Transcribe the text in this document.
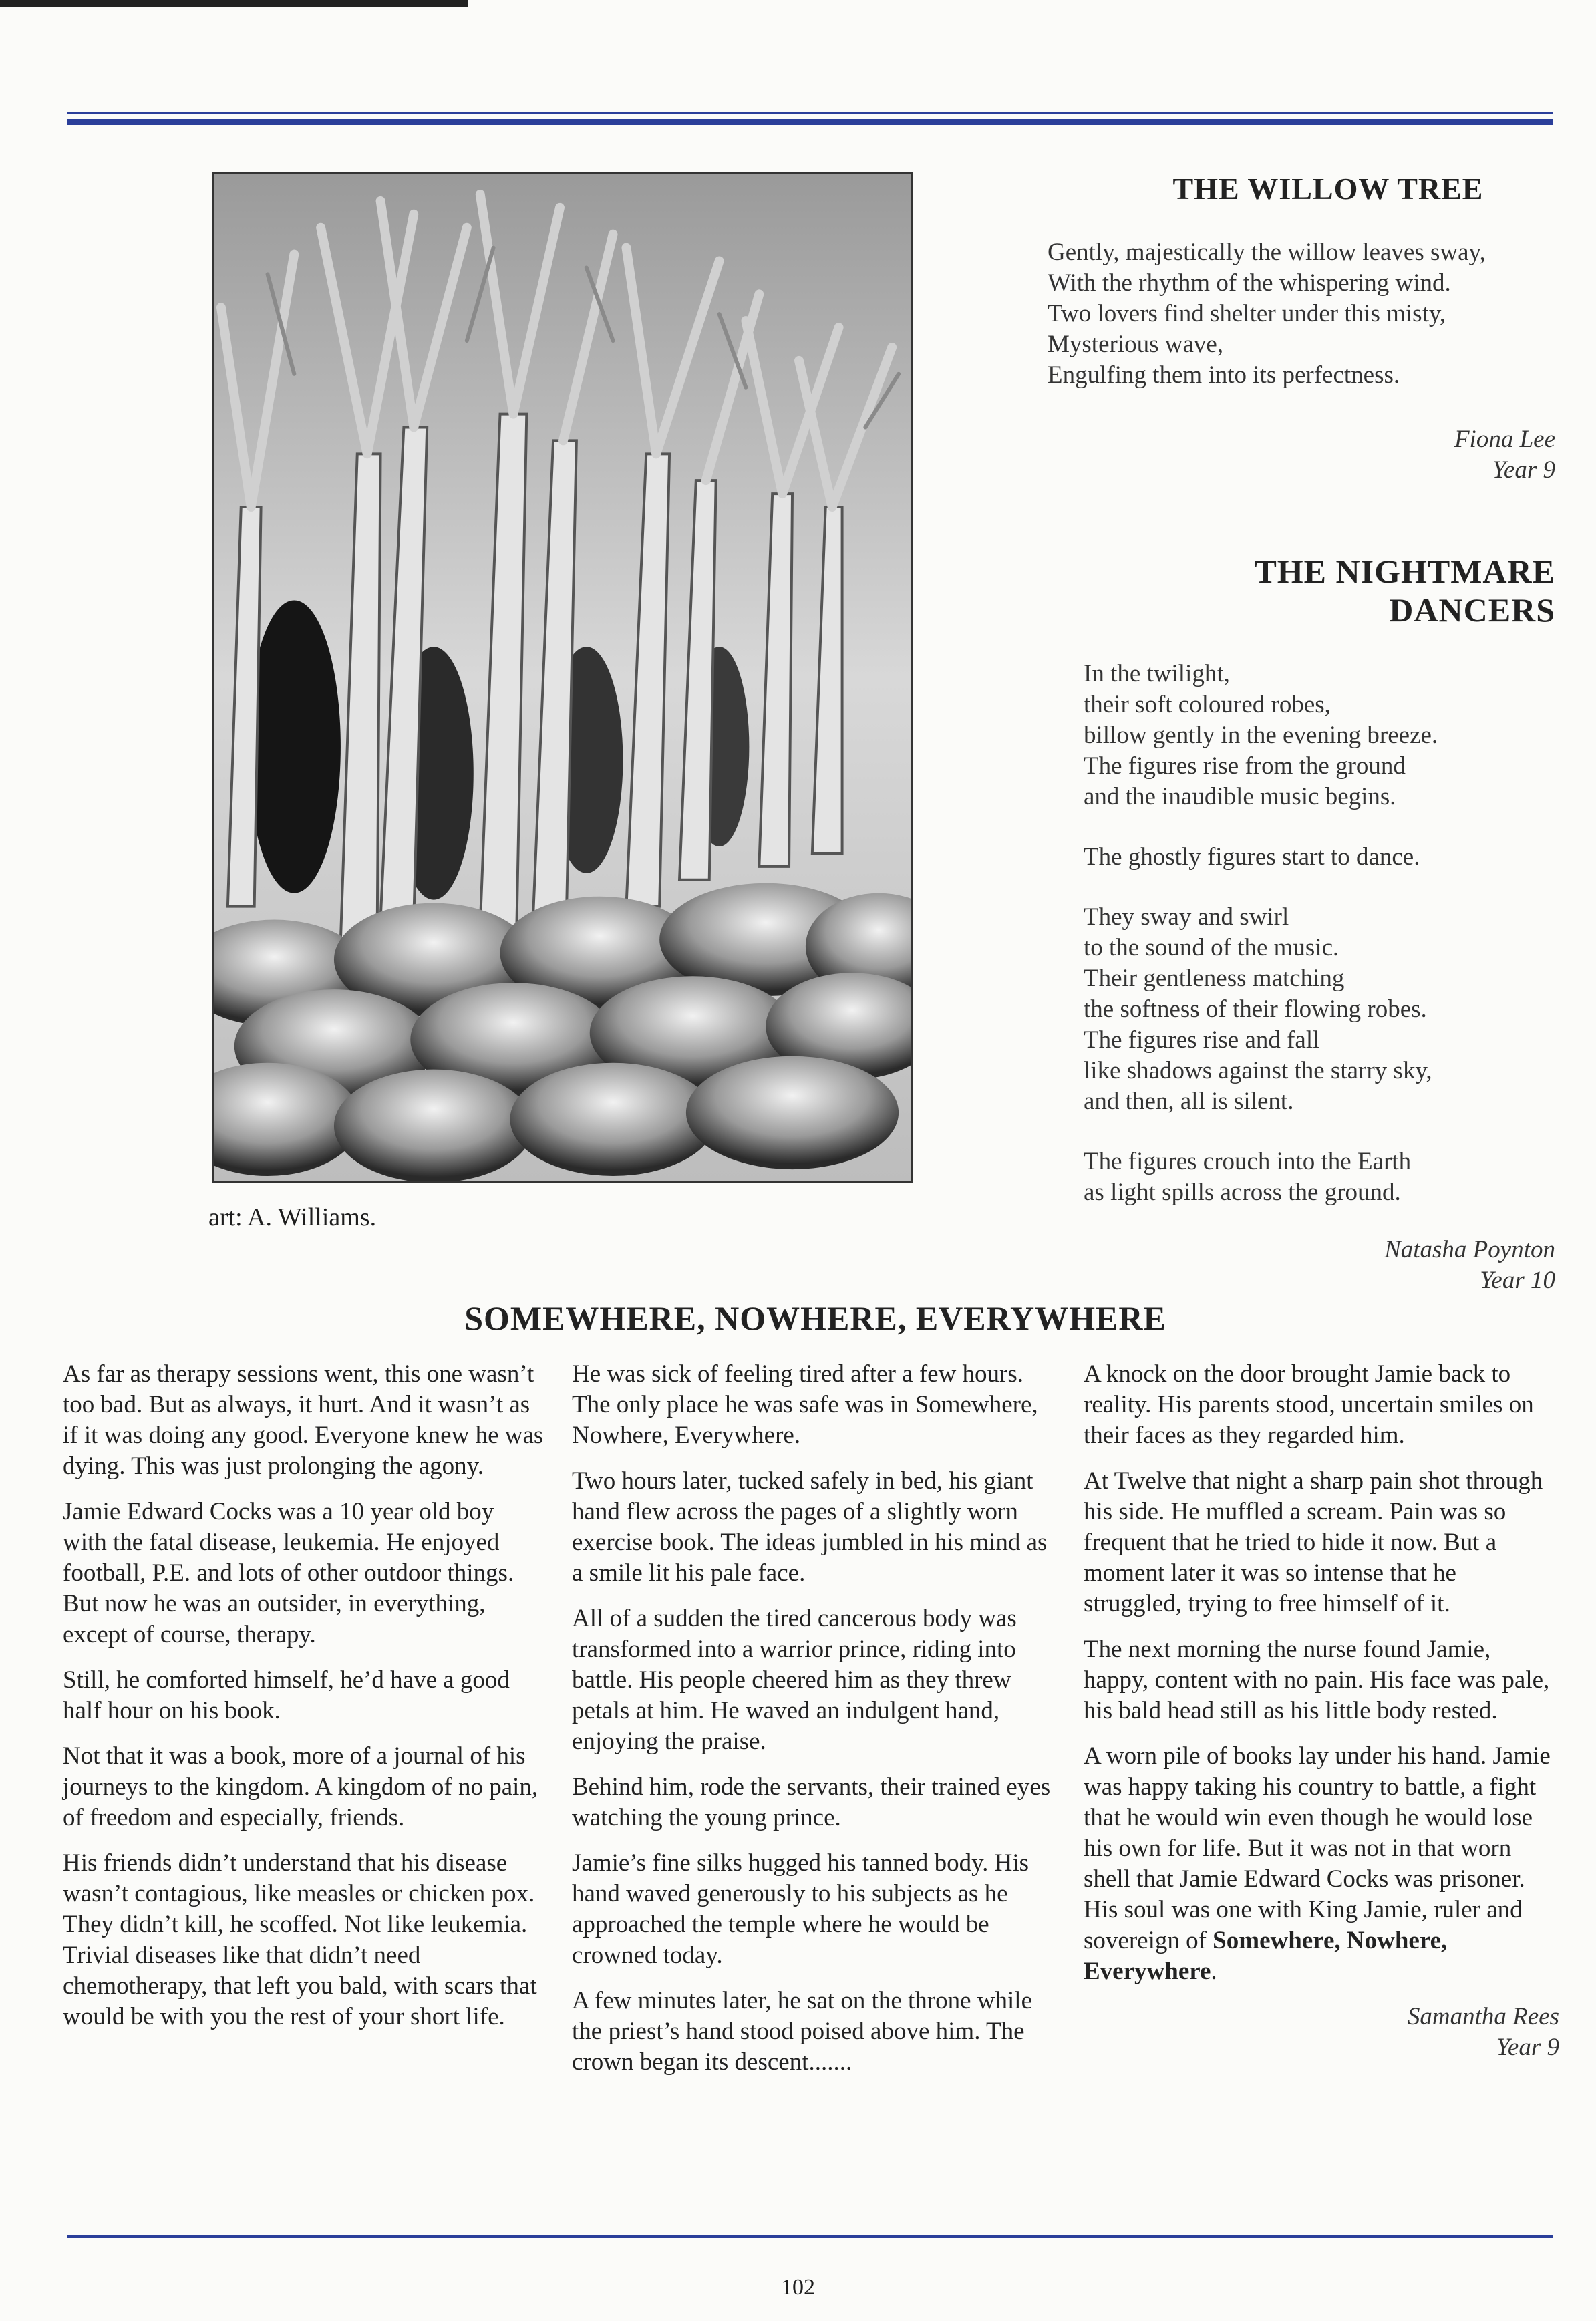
art: A. Williams.
THE WILLOW TREE

Gently, majestically the willow leaves sway,

With the rhythm of the whispering wind.

Two lovers find shelter under this misty,

Mysterious wave,

Engulfing them into its perfectness.

Fiona Lee
Year 9
THE NIGHTMARE DANCERS

In the twilight,

their soft coloured robes,

billow gently in the evening breeze.

The figures rise from the ground

and the inaudible music begins.

The ghostly figures start to dance.

They sway and swirl

to the sound of the music.

Their gentleness matching

the softness of their flowing robes.

The figures rise and fall

like shadows against the starry sky,

and then, all is silent.

The figures crouch into the Earth

as light spills across the ground.

Natasha Poynton
Year 10
SOMEWHERE, NOWHERE, EVERYWHERE

As far as therapy sessions went, this one wasn’t too bad. But as always, it hurt. And it wasn’t as if it was doing any good. Everyone knew he was dying. This was just prolonging the agony.

Jamie Edward Cocks was a 10 year old boy with the fatal disease, leukemia. He enjoyed football, P.E. and lots of other outdoor things. But now he was an outsider, in everything, except of course, therapy.

Still, he comforted himself, he’d have a good half hour on his book.

Not that it was a book, more of a journal of his journeys to the kingdom. A kingdom of no pain, of freedom and especially, friends.

His friends didn’t understand that his disease wasn’t contagious, like measles or chicken pox. They didn’t kill, he scoffed. Not like leukemia. Trivial diseases like that didn’t need chemotherapy, that left you bald, with scars that would be with you the rest of your short life.

He was sick of feeling tired after a few hours. The only place he was safe was in Somewhere, Nowhere, Everywhere.

Two hours later, tucked safely in bed, his giant hand flew across the pages of a slightly worn exercise book. The ideas jumbled in his mind as a smile lit his pale face.

All of a sudden the tired cancerous body was transformed into a warrior prince, riding into battle. His people cheered him as they threw petals at him. He waved an indulgent hand, enjoying the praise.

Behind him, rode the servants, their trained eyes watching the young prince.

Jamie’s fine silks hugged his tanned body. His hand waved generously to his subjects as he approached the temple where he would be crowned today.

A few minutes later, he sat on the throne while the priest’s hand stood poised above him. The crown began its descent.......

A knock on the door brought Jamie back to reality. His parents stood, uncertain smiles on their faces as they regarded him.

At Twelve that night a sharp pain shot through his side. He muffled a scream. Pain was so frequent that he tried to hide it now. But a moment later it was so intense that he struggled, trying to free himself of it.

The next morning the nurse found Jamie, happy, content with no pain. His face was pale, his bald head still as his little body rested.

A worn pile of books lay under his hand. Jamie was happy taking his country to battle, a fight that he would win even though he would lose his own for life. But it was not in that worn shell that Jamie Edward Cocks was prisoner. His soul was one with King Jamie, ruler and sovereign of Somewhere, Nowhere, Everywhere.

Samantha Rees
Year 9
102
